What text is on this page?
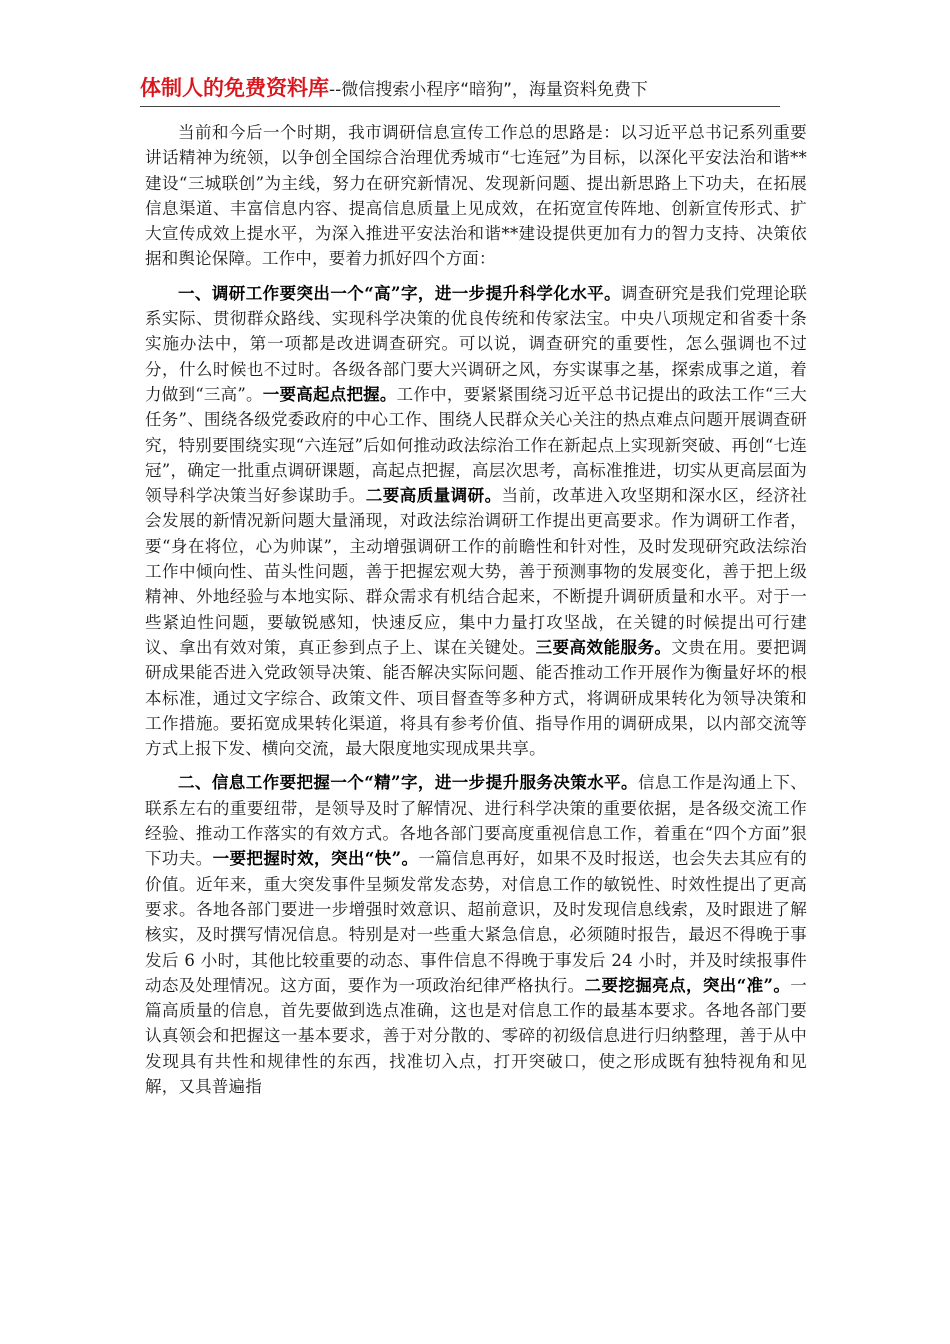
体制人的免费资料库--微信搜索小程序“暗狗”，海量资料免费下

当前和今后一个时期，我市调研信息宣传工作总的思路是：以习近平总书记系列重要讲话精神为统领，以争创全国综合治理优秀城市“七连冠”为目标，以深化平安法治和谐**建设“三城联创”为主线，努力在研究新情况、发现新问题、提出新思路上下功夫，在拓展信息渠道、丰富信息内容、提高信息质量上见成效，在拓宽宣传阵地、创新宣传形式、扩大宣传成效上提水平，为深入推进平安法治和谐**建设提供更加有力的智力支持、决策依据和舆论保障。工作中，要着力抓好四个方面：

一、调研工作要突出一个“高”字，进一步提升科学化水平。调查研究是我们党理论联系实际、贯彻群众路线、实现科学决策的优良传统和传家法宝。中央八项规定和省委十条实施办法中，第一项都是改进调查研究。可以说，调查研究的重要性，怎么强调也不过分，什么时候也不过时。各级各部门要大兴调研之风，夯实谋事之基，探索成事之道，着力做到“三高”。一要高起点把握。工作中，要紧紧围绕习近平总书记提出的政法工作“三大任务”、围绕各级党委政府的中心工作、围绕人民群众关心关注的热点难点问题开展调查研究，特别要围绕实现“六连冠”后如何推动政法综治工作在新起点上实现新突破、再创“七连冠”，确定一批重点调研课题，高起点把握，高层次思考，高标准推进，切实从更高层面为领导科学决策当好参谋助手。二要高质量调研。当前，改革进入攻坚期和深水区，经济社会发展的新情况新问题大量涌现，对政法综治调研工作提出更高要求。作为调研工作者，要“身在将位，心为帅谋”，主动增强调研工作的前瞻性和针对性，及时发现研究政法综治工作中倾向性、苗头性问题，善于把握宏观大势，善于预测事物的发展变化，善于把上级精神、外地经验与本地实际、群众需求有机结合起来，不断提升调研质量和水平。对于一些紧迫性问题，要敏锐感知，快速反应，集中力量打攻坚战，在关键的时候提出可行建议、拿出有效对策，真正参到点子上、谋在关键处。三要高效能服务。文贵在用。要把调研成果能否进入党政领导决策、能否解决实际问题、能否推动工作开展作为衡量好坏的根本标准，通过文字综合、政策文件、项目督查等多种方式，将调研成果转化为领导决策和工作措施。要拓宽成果转化渠道，将具有参考价值、指导作用的调研成果，以内部交流等方式上报下发、横向交流，最大限度地实现成果共享。

二、信息工作要把握一个“精”字，进一步提升服务决策水平。信息工作是沟通上下、联系左右的重要纽带，是领导及时了解情况、进行科学决策的重要依据，是各级交流工作经验、推动工作落实的有效方式。各地各部门要高度重视信息工作，着重在“四个方面”狠下功夫。一要把握时效，突出“快”。一篇信息再好，如果不及时报送，也会失去其应有的价值。近年来，重大突发事件呈频发常发态势，对信息工作的敏锐性、时效性提出了更高要求。各地各部门要进一步增强时效意识、超前意识，及时发现信息线索，及时跟进了解核实，及时撰写情况信息。特别是对一些重大紧急信息，必须随时报告，最迟不得晚于事发后 6 小时，其他比较重要的动态、事件信息不得晚于事发后 24 小时，并及时续报事件动态及处理情况。这方面，要作为一项政治纪律严格执行。二要挖掘亮点，突出“准”。一篇高质量的信息，首先要做到选点准确，这也是对信息工作的最基本要求。各地各部门要认真领会和把握这一基本要求，善于对分散的、零碎的初级信息进行归纳整理，善于从中发现具有共性和规律性的东西，找准切入点，打开突破口，使之形成既有独特视角和见解，又具普遍指
